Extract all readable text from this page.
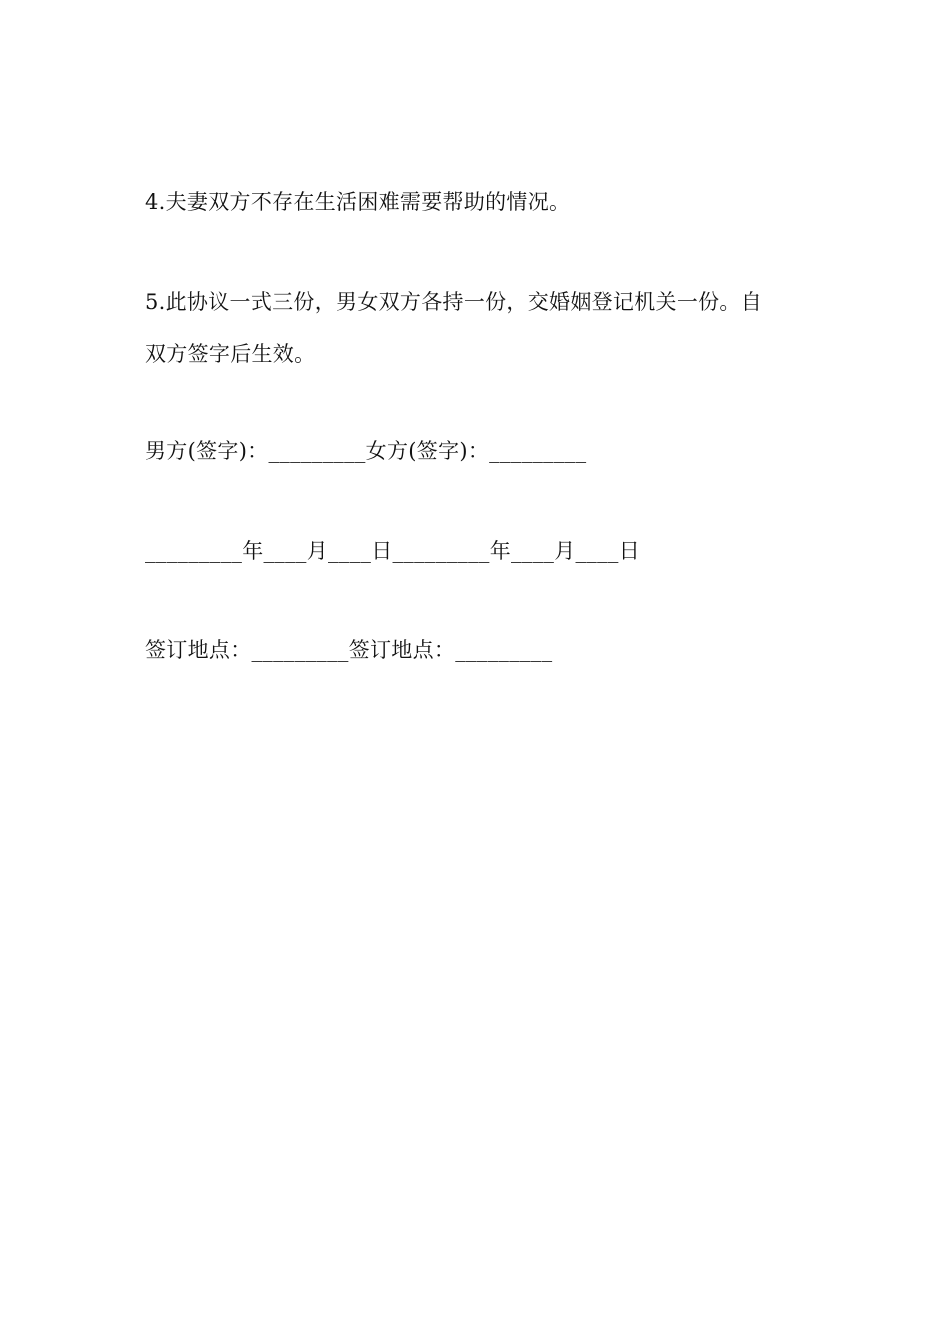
4.夫妻双方不存在生活困难需要帮助的情况。
5.此协议一式三份，男女双方各持一份，交婚姻登记机关一份。自
双方签字后生效。
男方(签字)：_________女方(签字)：_________
_________年____月____日_________年____月____日
签订地点：_________签订地点：_________
